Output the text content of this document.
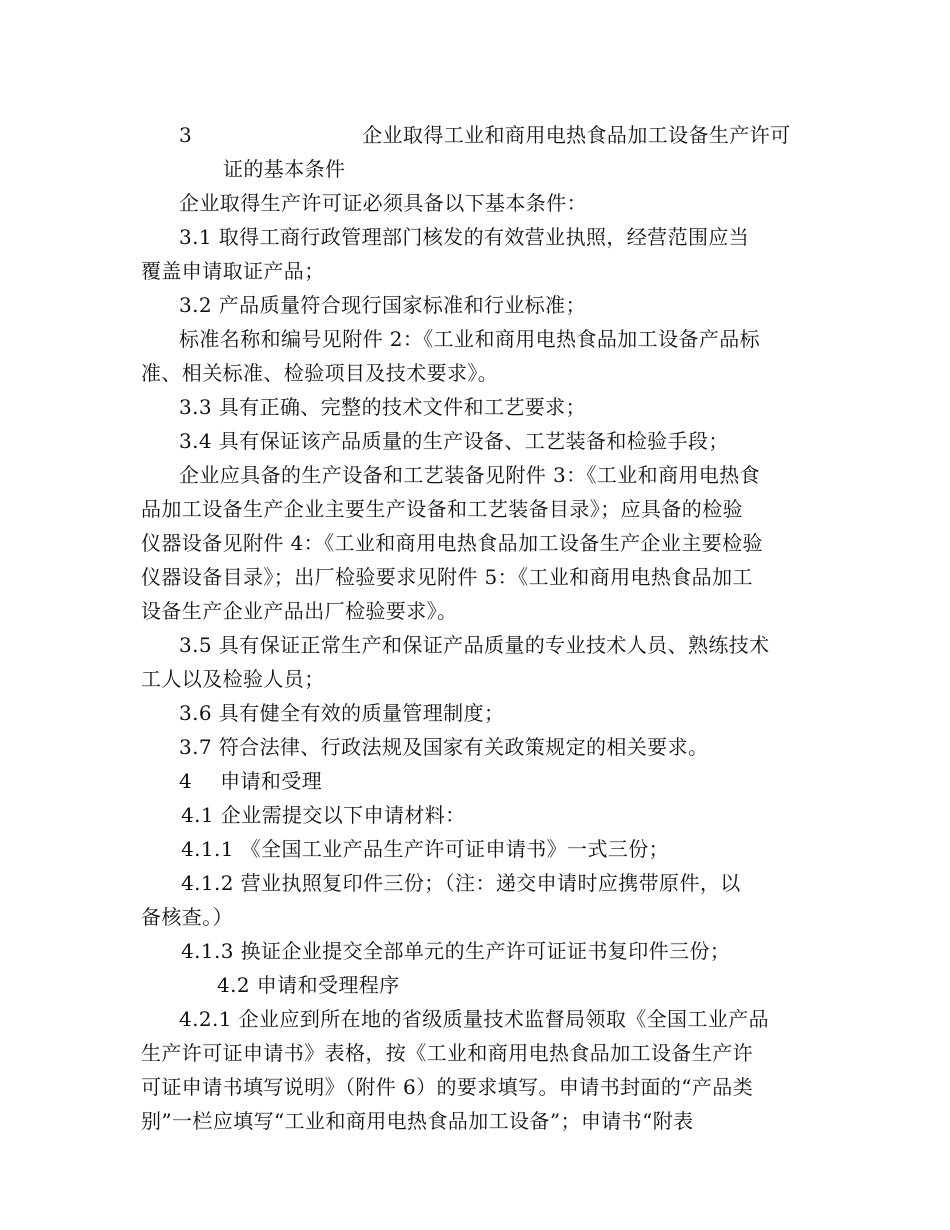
3	企业取得工业和商用电热食品加工设备生产许可
证的基本条件
企业取得生产许可证必须具备以下基本条件：
3.1 取得工商行政管理部门核发的有效营业执照，经营范围应当
覆盖申请取证产品；
3.2 产品质量符合现行国家标准和行业标准；
标准名称和编号见附件 2：《工业和商用电热食品加工设备产品标
准、相关标准、检验项目及技术要求》。
3.3 具有正确、完整的技术文件和工艺要求；
3.4 具有保证该产品质量的生产设备、工艺装备和检验手段；
企业应具备的生产设备和工艺装备见附件 3：《工业和商用电热食
品加工设备生产企业主要生产设备和工艺装备目录》；应具备的检验
仪器设备见附件 4：《工业和商用电热食品加工设备生产企业主要检验
仪器设备目录》；出厂检验要求见附件 5：《工业和商用电热食品加工
设备生产企业产品出厂检验要求》。
3.5 具有保证正常生产和保证产品质量的专业技术人员、熟练技术
工人以及检验人员；
3.6 具有健全有效的质量管理制度；
3.7 符合法律、行政法规及国家有关政策规定的相关要求。
4 申请和受理
4.1 企业需提交以下申请材料：
4.1.1 《全国工业产品生产许可证申请书》一式三份；
4.1.2 营业执照复印件三份；（注：递交申请时应携带原件，以
备核查。）
4.1.3 换证企业提交全部单元的生产许可证证书复印件三份；
4.2 申请和受理程序
4.2.1 企业应到所在地的省级质量技术监督局领取《全国工业产品
生产许可证申请书》表格，按《工业和商用电热食品加工设备生产许
可证申请书填写说明》（附件 6）的要求填写。申请书封面的“产品类
别”一栏应填写“工业和商用电热食品加工设备”；申请书“附表
